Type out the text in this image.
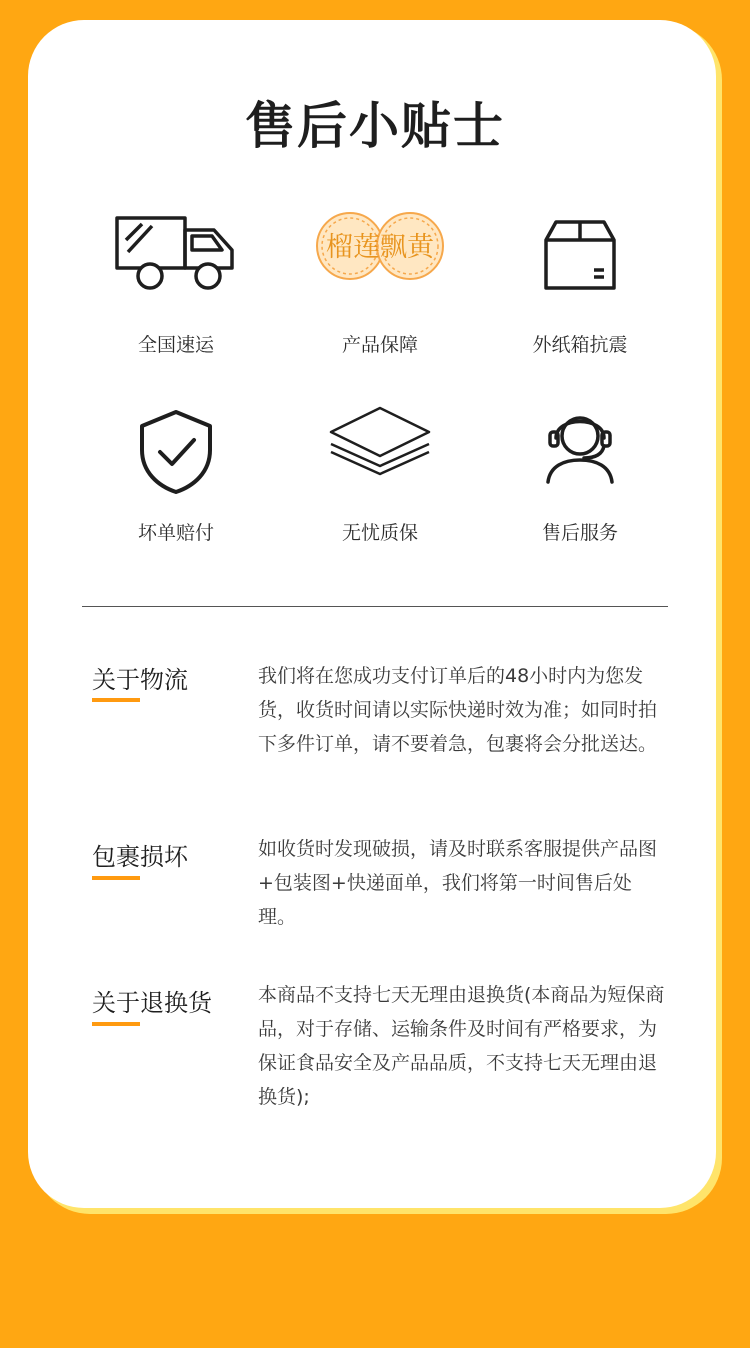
售后小贴士
全国速运
榴莲飘黄
产品保障	外纸箱抗震
坏单赔付	无忧质保	售后服务
关于物流	我们将在您成功支付订单后的48小时内为您发货，收货时间请以实际快递时效为准；如同时拍下多件订单，请不要着急，包裹将会分批送达。
包裹损坏	如收货时发现破损，请及时联系客服提供产品图+包装图+快递面单，我们将第一时间售后处理。
关于退换货 本商品不支持七天无理由退换货(本商品为短保商品，对于存储、运输条件及时间有严格要求，为保证食品安全及产品品质，不支持七天无理由退换货);
